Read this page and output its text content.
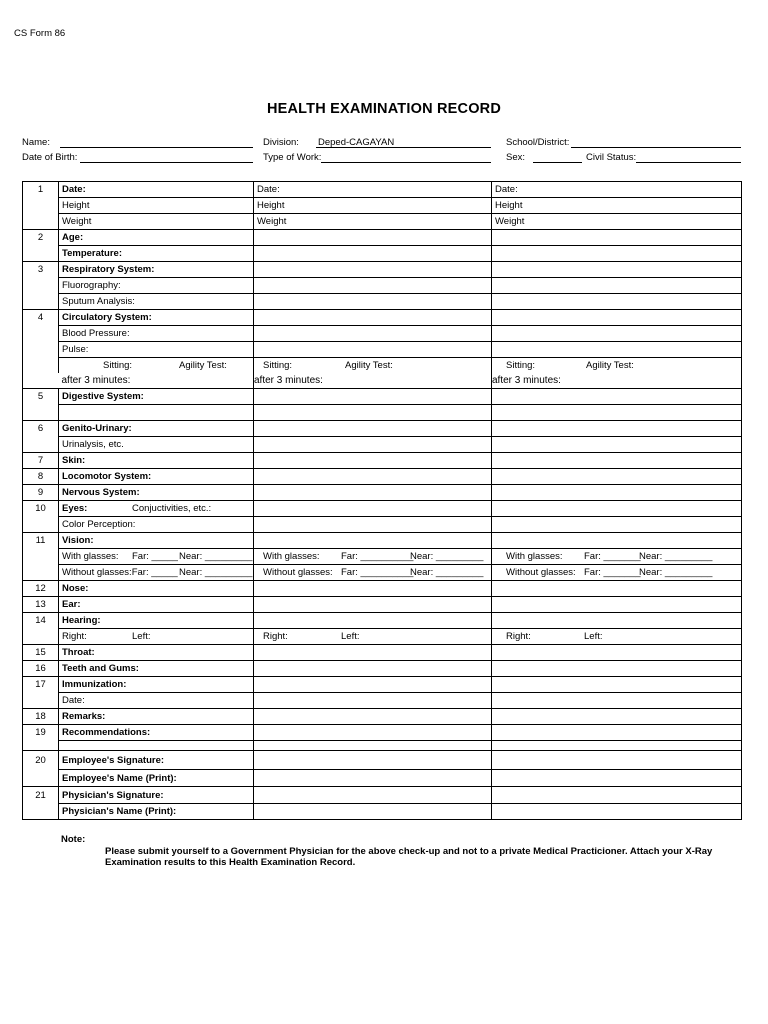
CS Form 86
HEALTH EXAMINATION RECORD
Name:	Division: Deped-CAGAYAN	School/District:
Date of Birth:	Type of Work:	Sex:	Civil Status:
1	Date:	Date:	Date:
	Height	Height	Height
	Weight	Weight	Weight
2	Age:		
	Temperature:		
3	Respiratory System:		
	Fluorography:		
	Sputum Analysis:		
4	Circulatory System:		
	Blood Pressure:		
	Pulse:		
	Sitting: Agility Test:	Sitting: Agility Test:	Sitting: Agility Test:
	after 3 minutes:	after 3 minutes:	after 3 minutes:
5	Digestive System:		

6	Genito-Urinary:		
	Urinalysis, etc.		
7	Skin:		
8	Locomotor System:		
9	Nervous System:		
10	Eyes: Conjuctivities, etc.:		
	Color Perception:		
11	Vision:		
	With glasses: Far: _____Near: _________	With glasses: Far: __________Near: _________	With glasses: Far: _______Near: _________
	Without glasses:Far: _____Near: _________	Without glasses: Far: __________Near: _________	Without glasses: Far: _______Near: _________
12	Nose:		
13	Ear:		
14	Hearing:		
	Right: Left:	Right: Left:	Right: Left:
15	Throat:		
16	Teeth and Gums:		
17	Immunization:		
	Date:		
18	Remarks:		
19	Recommendations:		

20	Employee's Signature:		
	Employee's Name (Print):		
21	Physician's Signature:		
	Physician's Name (Print):		
Note:
Please submit yourself to a Government Physician for the above check-up and not to a private Medical Practicioner. Attach your X-Ray Examination results to this Health Examination Record.
